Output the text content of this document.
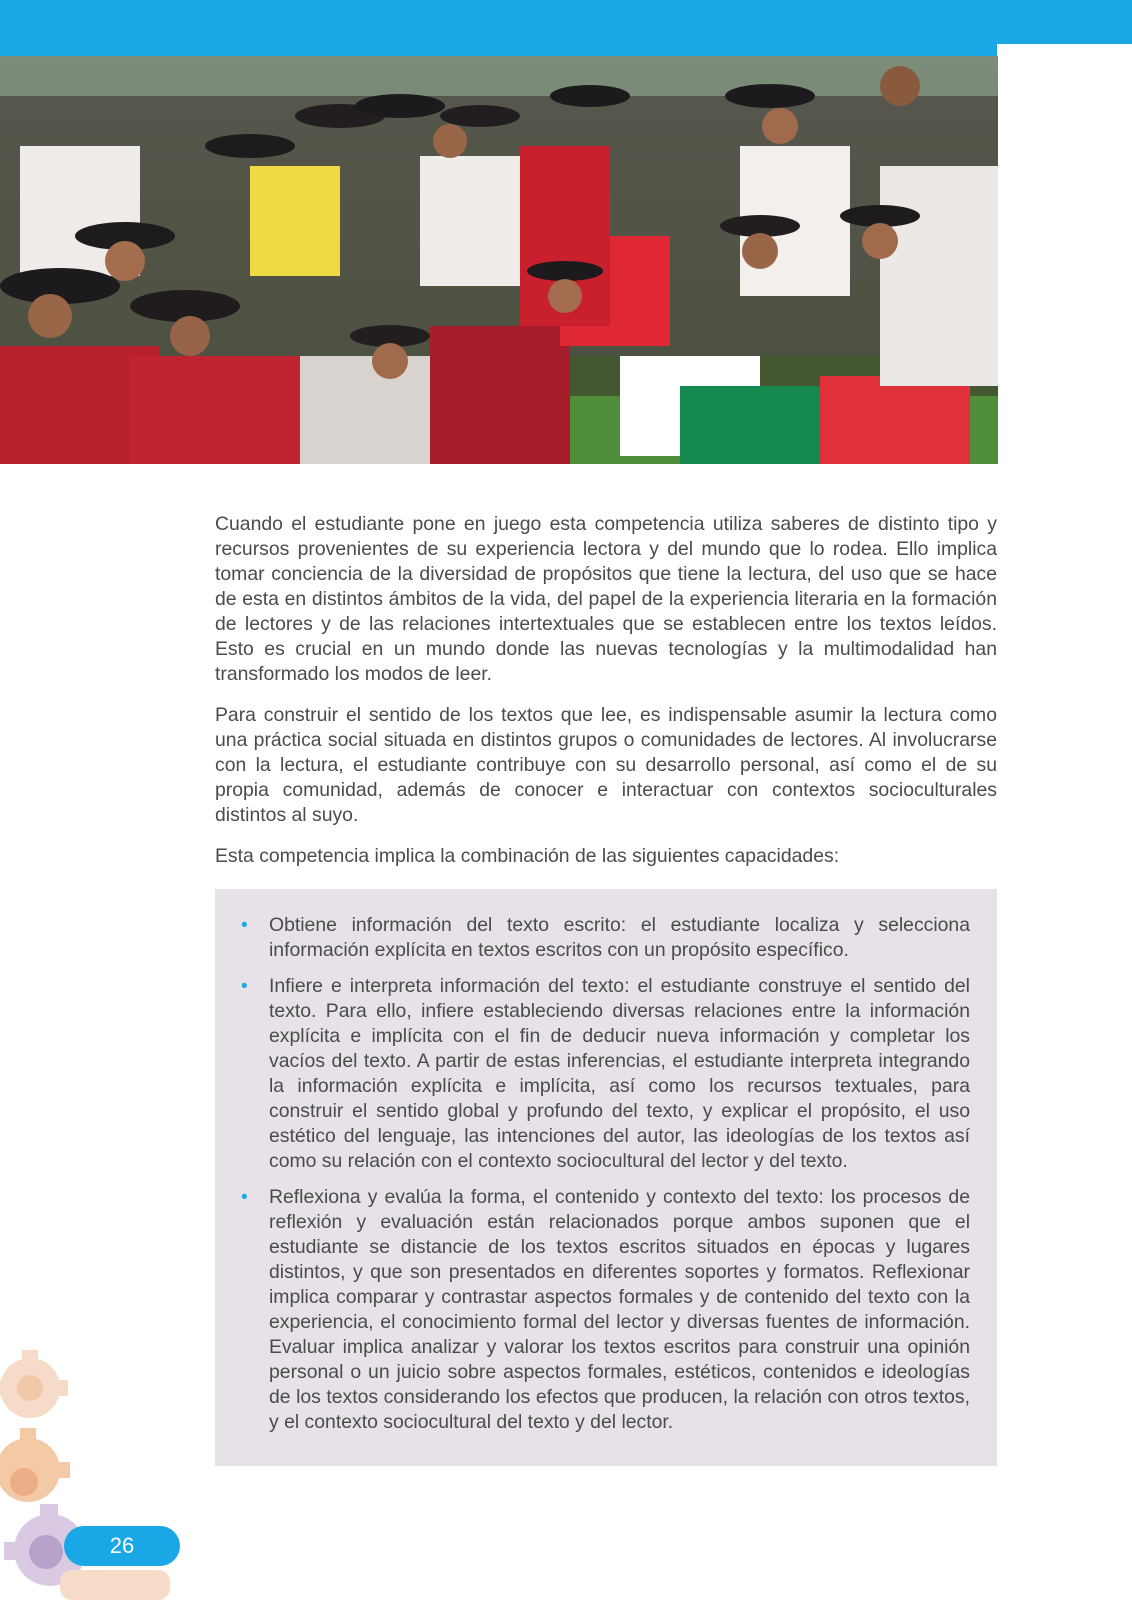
Cuando el estudiante pone en juego esta competencia utiliza saberes de distinto tipo y recursos provenientes de su experiencia lectora y del mundo que lo rodea. Ello implica tomar conciencia de la diversidad de propósitos que tiene la lectura, del uso que se hace de esta en distintos ámbitos de la vida, del papel de la experiencia literaria en la formación de lectores y de las relaciones intertextuales que se establecen entre los textos leídos. Esto es crucial en un mundo donde las nuevas tecnologías y la multimodalidad han transformado los modos de leer.

Para construir el sentido de los textos que lee, es indispensable asumir la lectura como una práctica social situada en distintos grupos o comunidades de lectores. Al involucrarse con la lectura, el estudiante contribuye con su desarrollo personal, así como el de su propia comunidad, además de conocer e interactuar con contextos socioculturales distintos al suyo.

Esta competencia implica la combinación de las siguientes capacidades:

• Obtiene información del texto escrito: el estudiante localiza y selecciona información explícita en textos escritos con un propósito específico.
• Infiere e interpreta información del texto: el estudiante construye el sentido del texto. Para ello, infiere estableciendo diversas relaciones entre la información explícita e implícita con el fin de deducir nueva información y completar los vacíos del texto. A partir de estas inferencias, el estudiante interpreta integrando la información explícita e implícita, así como los recursos textuales, para construir el sentido global y profundo del texto, y explicar el propósito, el uso estético del lenguaje, las intenciones del autor, las ideologías de los textos así como su relación con el contexto sociocultural del lector y del texto.
• Reflexiona y evalúa la forma, el contenido y contexto del texto: los procesos de reflexión y evaluación están relacionados porque ambos suponen que el estudiante se distancie de los textos escritos situados en épocas y lugares distintos, y que son presentados en diferentes soportes y formatos. Reflexionar implica comparar y contrastar aspectos formales y de contenido del texto con la experiencia, el conocimiento formal del lector y diversas fuentes de información. Evaluar implica analizar y valorar los textos escritos para construir una opinión personal o un juicio sobre aspectos formales, estéticos, contenidos e ideologías de los textos considerando los efectos que producen, la relación con otros textos, y el contexto sociocultural del texto y del lector.
26
